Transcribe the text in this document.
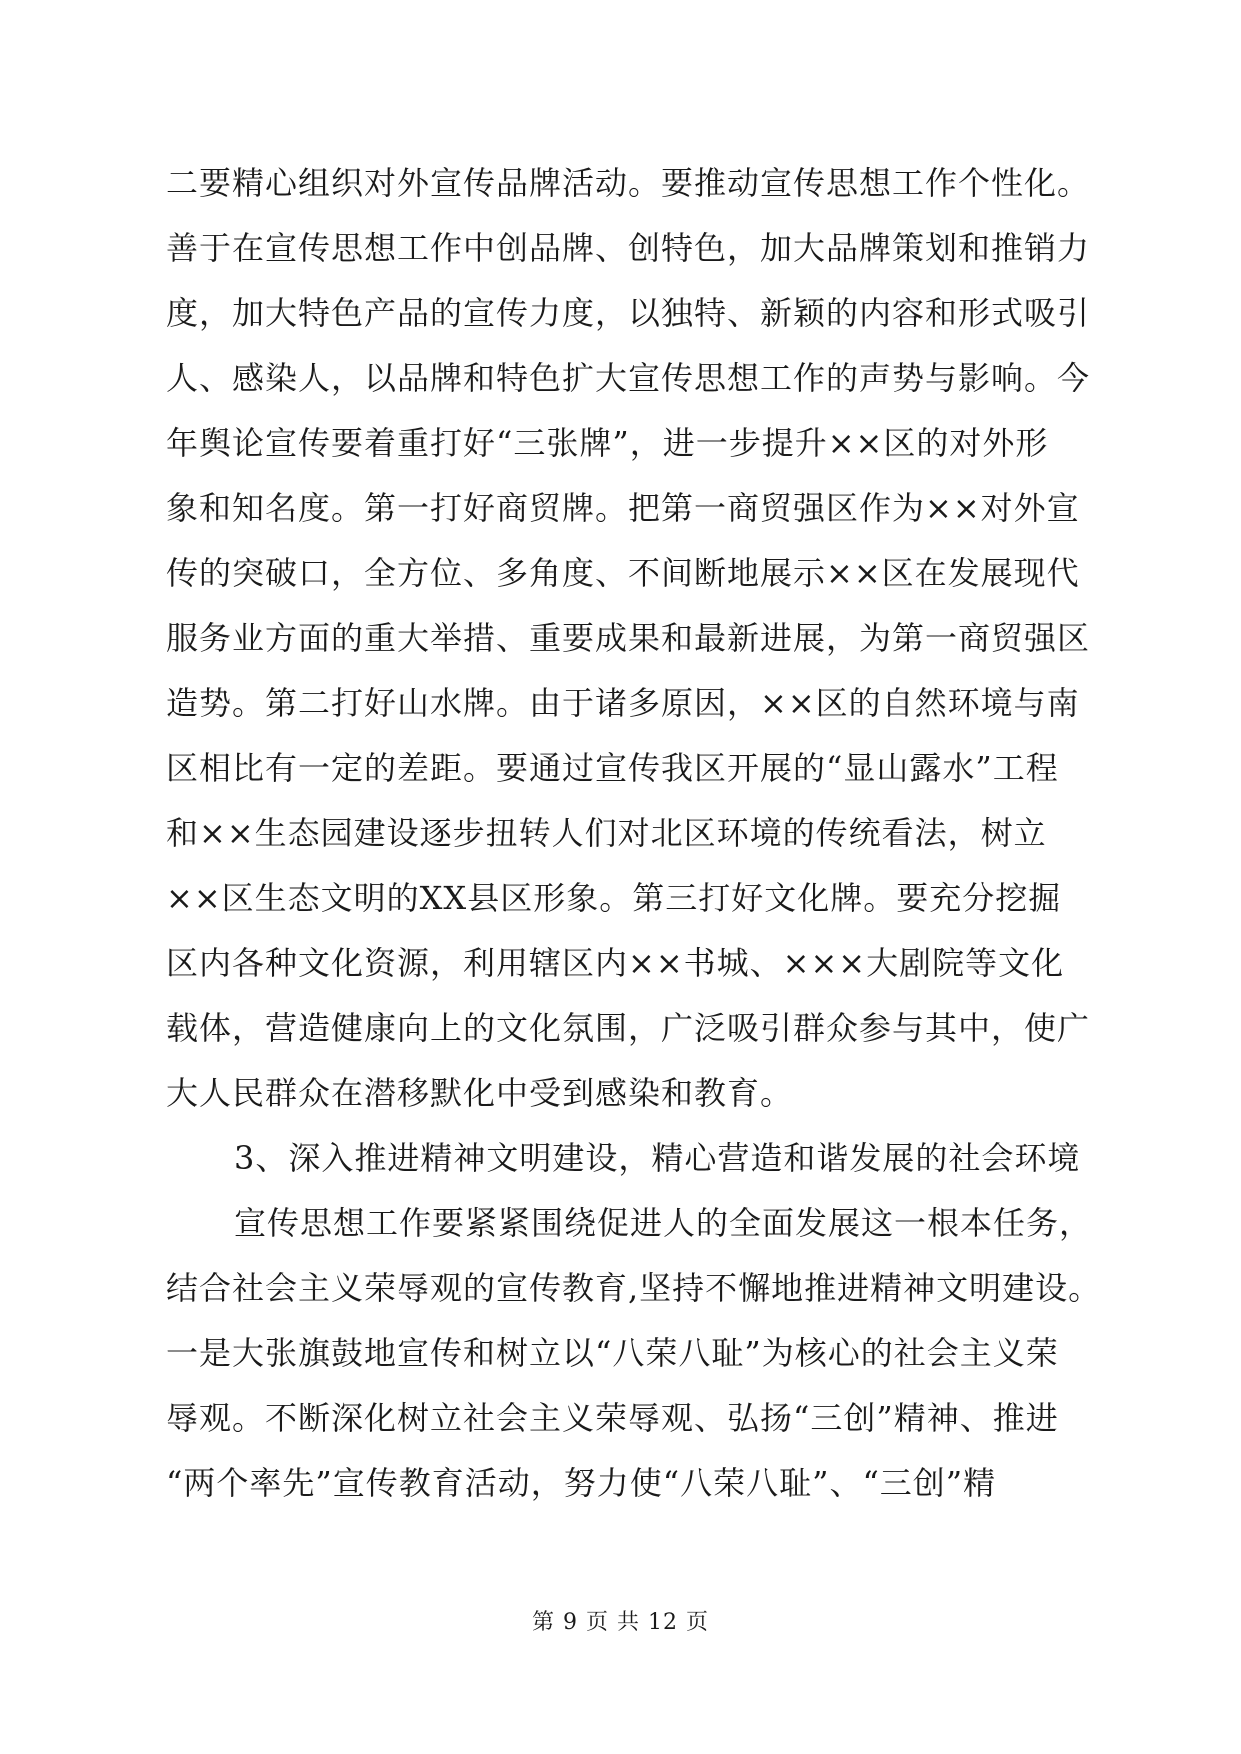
二要精心组织对外宣传品牌活动。要推动宣传思想工作个性化。
善于在宣传思想工作中创品牌、创特色，加大品牌策划和推销力
度，加大特色产品的宣传力度，以独特、新颖的内容和形式吸引
人、感染人，以品牌和特色扩大宣传思想工作的声势与影响。今
年舆论宣传要着重打好“三张牌”，进一步提升××区的对外形
象和知名度。第一打好商贸牌。把第一商贸强区作为××对外宣
传的突破口，全方位、多角度、不间断地展示××区在发展现代
服务业方面的重大举措、重要成果和最新进展，为第一商贸强区
造势。第二打好山水牌。由于诸多原因，××区的自然环境与南
区相比有一定的差距。要通过宣传我区开展的“显山露水”工程
和××生态园建设逐步扭转人们对北区环境的传统看法，树立
××区生态文明的XX县区形象。第三打好文化牌。要充分挖掘
区内各种文化资源，利用辖区内××书城、×××大剧院等文化
载体，营造健康向上的文化氛围，广泛吸引群众参与其中，使广
大人民群众在潜移默化中受到感染和教育。
3、深入推进精神文明建设，精心营造和谐发展的社会环境
宣传思想工作要紧紧围绕促进人的全面发展这一根本任务，
结合社会主义荣辱观的宣传教育,坚持不懈地推进精神文明建设。
一是大张旗鼓地宣传和树立以“八荣八耻”为核心的社会主义荣
辱观。不断深化树立社会主义荣辱观、弘扬“三创”精神、推进
“两个率先”宣传教育活动，努力使“八荣八耻”、“三创”精
第 9 页 共 12 页
